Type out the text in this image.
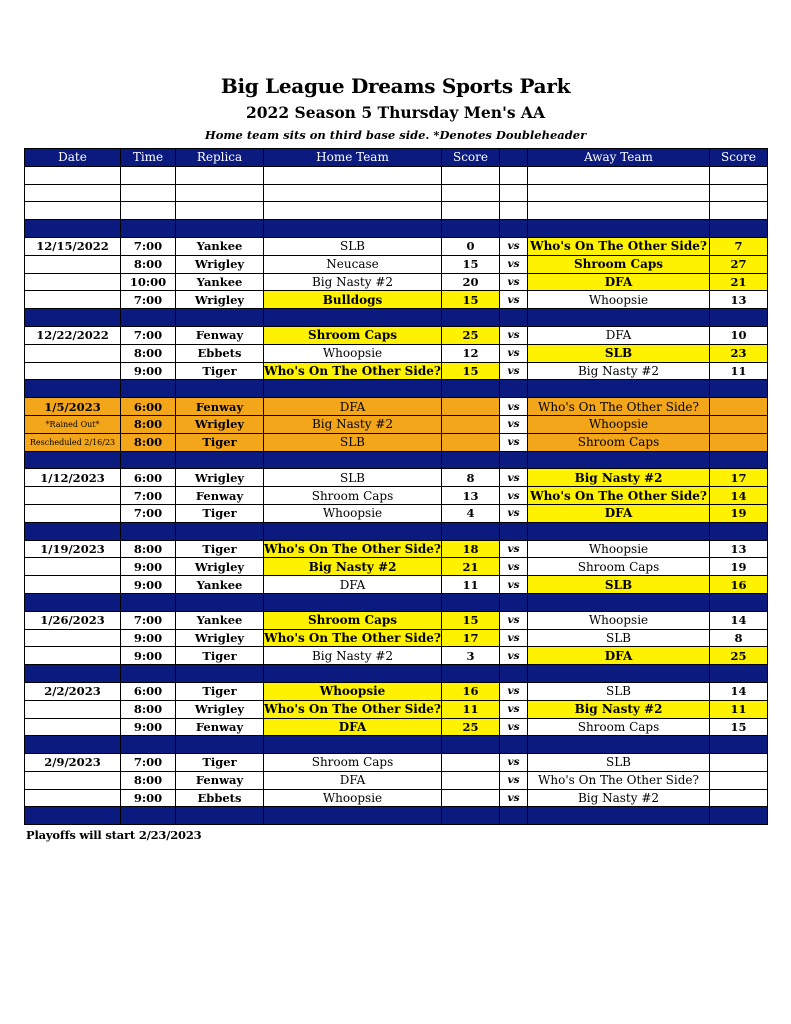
Big League Dreams Sports Park
2022 Season 5 Thursday Men's AA
Home team sits on third base side. *Denotes Doubleheader
Date	Time	Replica	Home Team	Score		Away Team	Score

12/15/2022	7:00	Yankee	SLB	0	vs	Who's On The Other Side?	7
	8:00	Wrigley	Neucase	15	vs	Shroom Caps	27
	10:00	Yankee	Big Nasty #2	20	vs	DFA	21
	7:00	Wrigley	Bulldogs	15	vs	Whoopsie	13

12/22/2022	7:00	Fenway	Shroom Caps	25	vs	DFA	10
	8:00	Ebbets	Whoopsie	12	vs	SLB	23
	9:00	Tiger	Who's On The Other Side?	15	vs	Big Nasty #2	11

1/5/2023	6:00	Fenway	DFA		vs	Who's On The Other Side?	
*Rained Out*	8:00	Wrigley	Big Nasty #2		vs	Whoopsie	
Rescheduled 2/16/23	8:00	Tiger	SLB		vs	Shroom Caps	

1/12/2023	6:00	Wrigley	SLB	8	vs	Big Nasty #2	17
	7:00	Fenway	Shroom Caps	13	vs	Who's On The Other Side?	14
	7:00	Tiger	Whoopsie	4	vs	DFA	19

1/19/2023	8:00	Tiger	Who's On The Other Side?	18	vs	Whoopsie	13
	9:00	Wrigley	Big Nasty #2	21	vs	Shroom Caps	19
	9:00	Yankee	DFA	11	vs	SLB	16

1/26/2023	7:00	Yankee	Shroom Caps	15	vs	Whoopsie	14
	9:00	Wrigley	Who's On The Other Side?	17	vs	SLB	8
	9:00	Tiger	Big Nasty #2	3	vs	DFA	25

2/2/2023	6:00	Tiger	Whoopsie	16	vs	SLB	14
	8:00	Wrigley	Who's On The Other Side?	11	vs	Big Nasty #2	11
	9:00	Fenway	DFA	25	vs	Shroom Caps	15

2/9/2023	7:00	Tiger	Shroom Caps		vs	SLB	
	8:00	Fenway	DFA		vs	Who's On The Other Side?	
	9:00	Ebbets	Whoopsie		vs	Big Nasty #2	

Playoffs will start 2/23/2023
